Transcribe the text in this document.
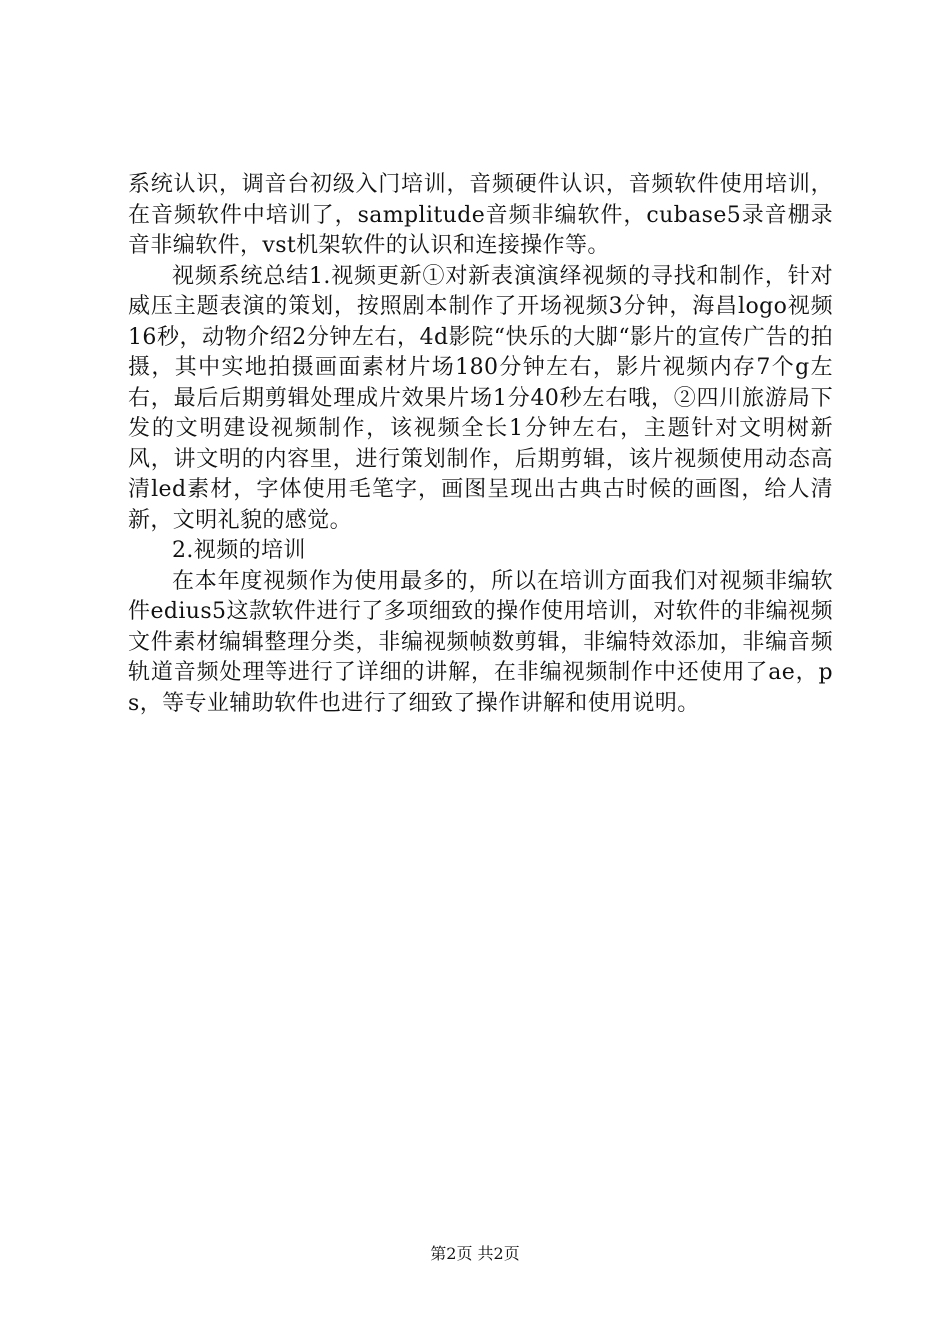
系统认识，调音台初级入门培训，音频硬件认识，音频软件使用培训，在音频软件中培训了，samplitude音频非编软件，cubase5录音棚录音非编软件，vst机架软件的认识和连接操作等。

视频系统总结1.视频更新①对新表演演绎视频的寻找和制作，针对威压主题表演的策划，按照剧本制作了开场视频3分钟，海昌logo视频16秒，动物介绍2分钟左右，4d影院“快乐的大脚“影片的宣传广告的拍摄，其中实地拍摄画面素材片场180分钟左右，影片视频内存7个g左右，最后后期剪辑处理成片效果片场1分40秒左右哦，②四川旅游局下发的文明建设视频制作，该视频全长1分钟左右，主题针对文明树新风，讲文明的内容里，进行策划制作，后期剪辑，该片视频使用动态高清led素材，字体使用毛笔字，画图呈现出古典古时候的画图，给人清新，文明礼貌的感觉。

2.视频的培训

在本年度视频作为使用最多的，所以在培训方面我们对视频非编软件edius5这款软件进行了多项细致的操作使用培训，对软件的非编视频文件素材编辑整理分类，非编视频帧数剪辑，非编特效添加，非编音频轨道音频处理等进行了详细的讲解，在非编视频制作中还使用了ae，ps，等专业辅助软件也进行了细致了操作讲解和使用说明。

第2页 共2页
